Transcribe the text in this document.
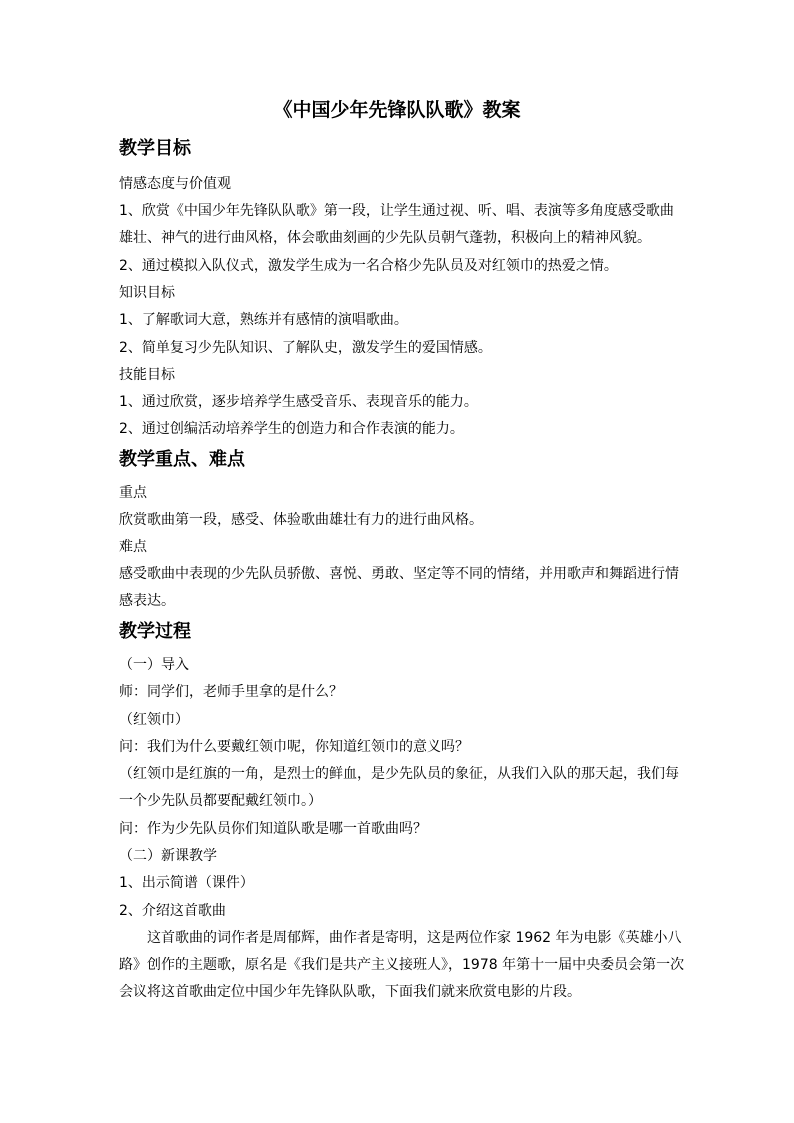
《中国少年先锋队队歌》教案
教学目标
情感态度与价值观
1、欣赏《中国少年先锋队队歌》第一段，让学生通过视、听、唱、表演等多角度感受歌曲
雄壮、神气的进行曲风格，体会歌曲刻画的少先队员朝气蓬勃，积极向上的精神风貌。
2、通过模拟入队仪式，激发学生成为一名合格少先队员及对红领巾的热爱之情。
知识目标
1、了解歌词大意，熟练并有感情的演唱歌曲。
2、简单复习少先队知识、了解队史，激发学生的爱国情感。
技能目标
1、通过欣赏，逐步培养学生感受音乐、表现音乐的能力。
2、通过创编活动培养学生的创造力和合作表演的能力。
教学重点、难点
重点
欣赏歌曲第一段，感受、体验歌曲雄壮有力的进行曲风格。
难点
感受歌曲中表现的少先队员骄傲、喜悦、勇敢、坚定等不同的情绪，并用歌声和舞蹈进行情
感表达。
教学过程
（一）导入
师：同学们，老师手里拿的是什么？
（红领巾）
问：我们为什么要戴红领巾呢，你知道红领巾的意义吗？
（红领巾是红旗的一角，是烈士的鲜血，是少先队员的象征，从我们入队的那天起，我们每
一个少先队员都要配戴红领巾。）
问：作为少先队员你们知道队歌是哪一首歌曲吗？
（二）新课教学
1、出示简谱（课件）
2、介绍这首歌曲
这首歌曲的词作者是周郁辉，曲作者是寄明，这是两位作家 1962 年为电影《英雄小八
路》创作的主题歌，原名是《我们是共产主义接班人》，1978 年第十一届中央委员会第一次
会议将这首歌曲定位中国少年先锋队队歌，下面我们就来欣赏电影的片段。
